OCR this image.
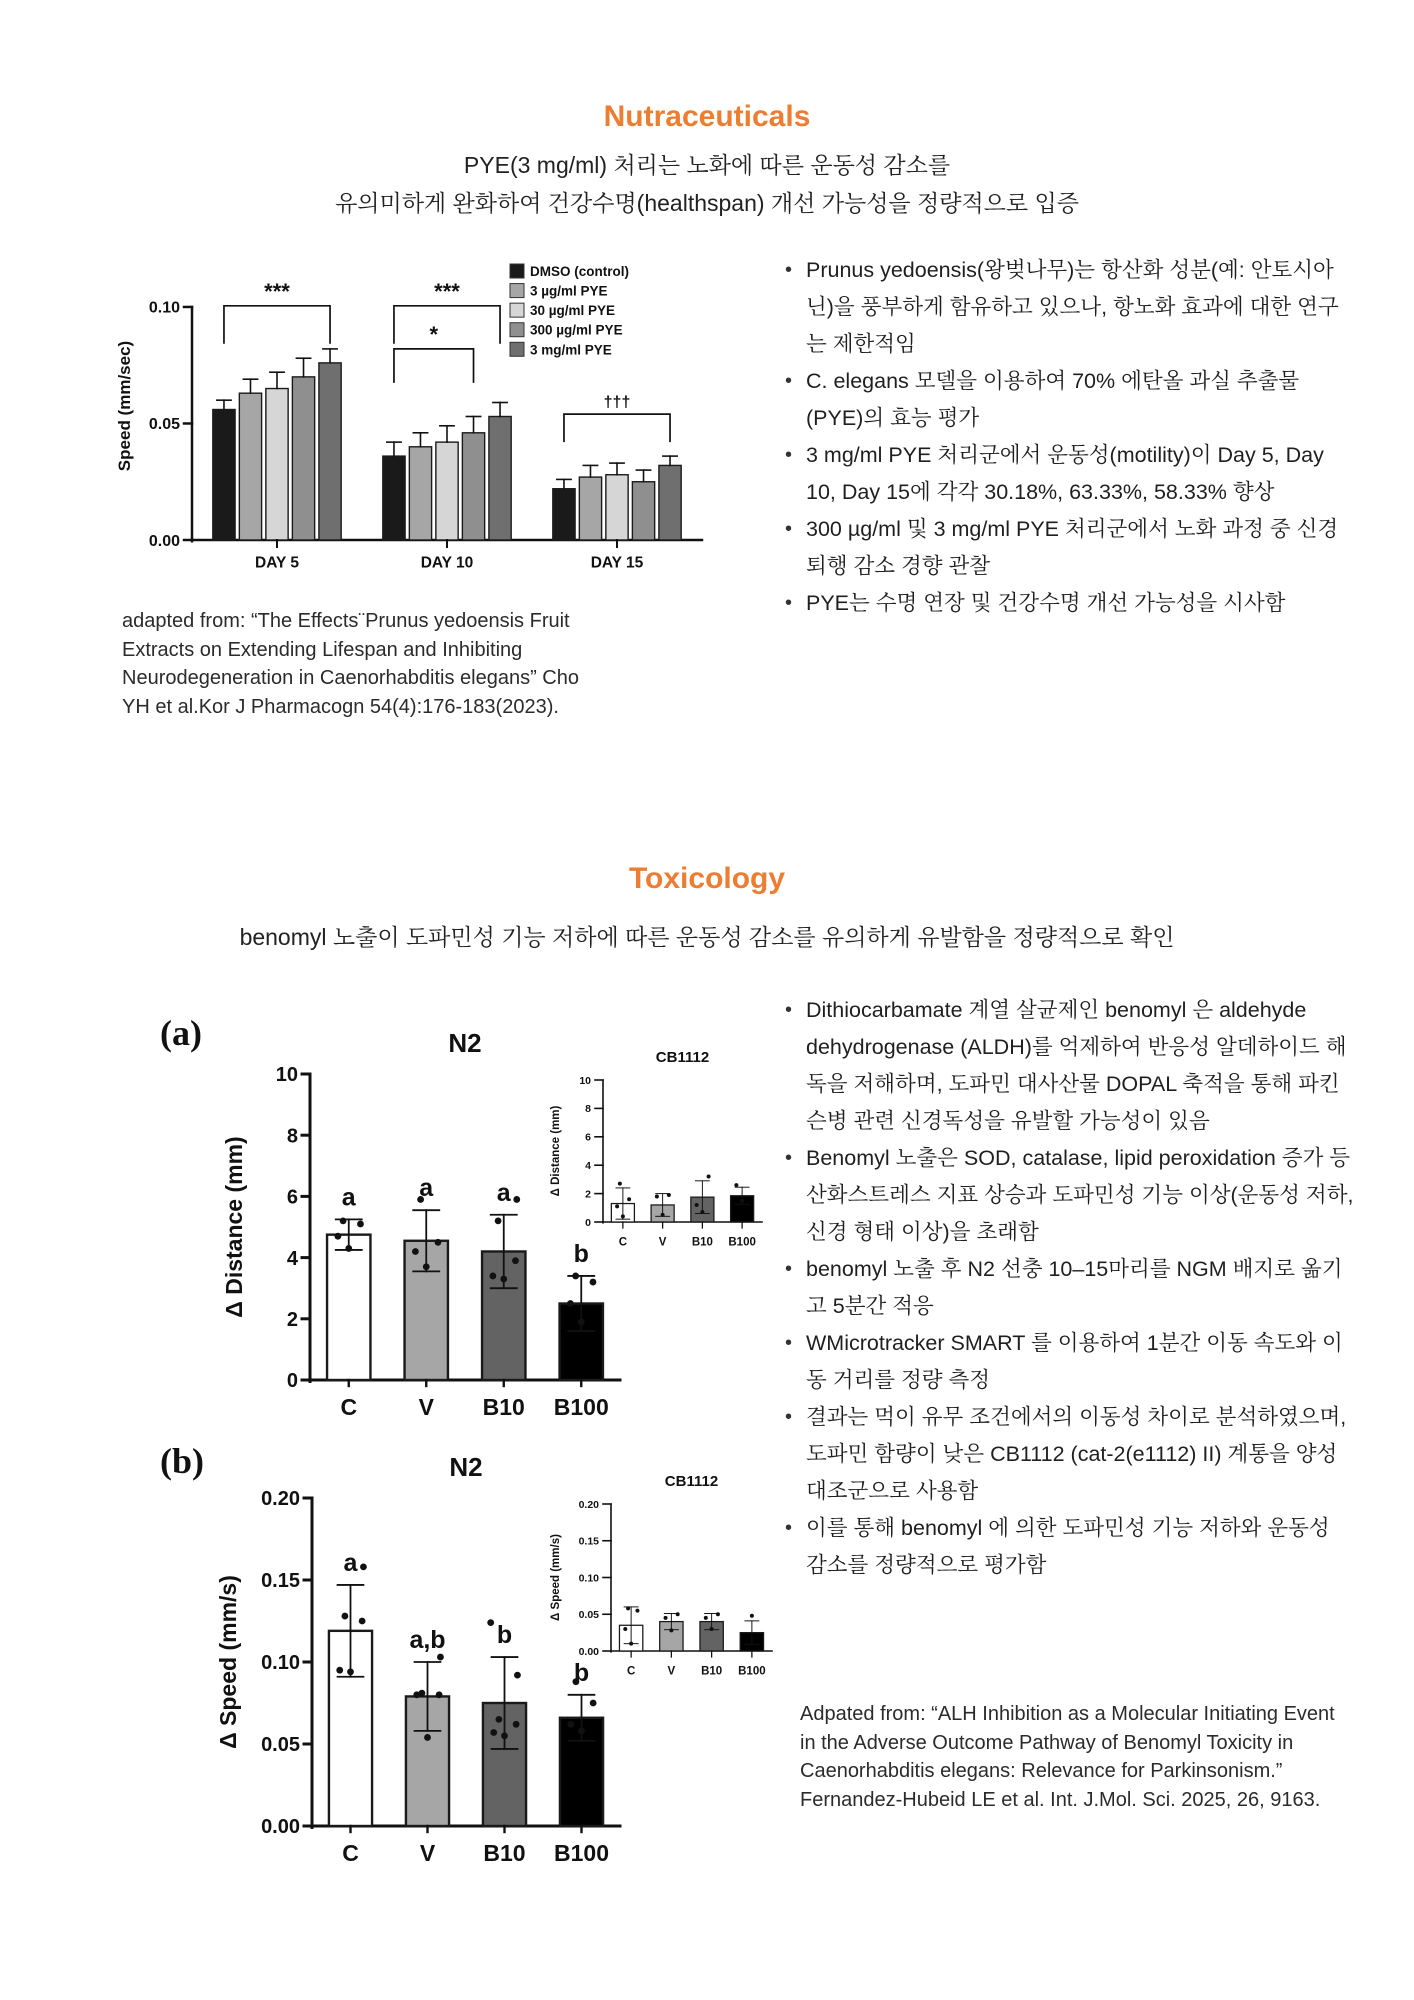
Nutraceuticals
PYE(3 mg/ml) 처리는 노화에 따른 운동성 감소를
유의미하게 완화하여 건강수명(healthspan) 개선 가능성을 정량적으로 입증
0.00
0.05
0.10
Speed (mm/sec)
DAY 5	DAY 10	DAY 15
***	***
*
†††
DMSO (control)
3 µg/ml PYE
30 µg/ml PYE
300 µg/ml PYE
3 mg/ml PYE
adapted from: “The Effects¨Prunus yedoensis Fruit Extracts on Extending Lifespan and Inhibiting Neurodegeneration in Caenorhabditis elegans” Cho YH et al.Kor J Pharmacogn 54(4):176-183(2023).
• Prunus yedoensis(왕벚나무)는 항산화 성분(예: 안토시아닌)을 풍부하게 함유하고 있으나, 항노화 효과에 대한 연구는 제한적임
• C. elegans 모델을 이용하여 70% 에탄올 과실 추출물(PYE)의 효능 평가
• 3 mg/ml PYE 처리군에서 운동성(motility)이 Day 5, Day 10, Day 15에 각각 30.18%, 63.33%, 58.33% 향상
• 300 µg/ml 및 3 mg/ml PYE 처리군에서 노화 과정 중 신경퇴행 감소 경향 관찰
• PYE는 수명 연장 및 건강수명 개선 가능성을 시사함
Toxicology
benomyl 노출이 도파민성 기능 저하에 따른 운동성 감소를 유의하게 유발함을 정량적으로 확인
(a)
0
2
4
6
8
10
Δ Distance (mm)
N2
a
C
a
V
a
B10
b
B100
0
2
4
6
8
10
Δ Distance (mm)
CB1112
C	V B10 B100
(b)
0.00
0.05
0.10
0.15
0.20
Δ Speed (mm/s)
N2
a
C
a,b
V
b
B10
b
B100
0.00
0.05
0.10
0.15
0.20
Δ Speed (mm/s)
CB1112
C	V B10 B100
• Dithiocarbamate 계열 살균제인 benomyl 은 aldehyde dehydrogenase (ALDH)를 억제하여 반응성 알데하이드 해독을 저해하며, 도파민 대사산물 DOPAL 축적을 통해 파킨슨병 관련 신경독성을 유발할 가능성이 있음
• Benomyl 노출은 SOD, catalase, lipid peroxidation 증가 등 산화스트레스 지표 상승과 도파민성 기능 이상(운동성 저하, 신경 형태 이상)을 초래함
• benomyl 노출 후 N2 선충 10–15마리를 NGM 배지로 옮기고 5분간 적응
• WMicrotracker SMART 를 이용하여 1분간 이동 속도와 이동 거리를 정량 측정
• 결과는 먹이 유무 조건에서의 이동성 차이로 분석하였으며, 도파민 함량이 낮은 CB1112 (cat-2(e1112) II) 계통을 양성 대조군으로 사용함
• 이를 통해 benomyl 에 의한 도파민성 기능 저하와 운동성 감소를 정량적으로 평가함
Adpated from: “ALH Inhibition as a Molecular Initiating Event in the Adverse Outcome Pathway of Benomyl Toxicity in Caenorhabditis elegans: Relevance for Parkinsonism.” Fernandez-Hubeid LE et al. Int. J.Mol. Sci. 2025, 26, 9163.
